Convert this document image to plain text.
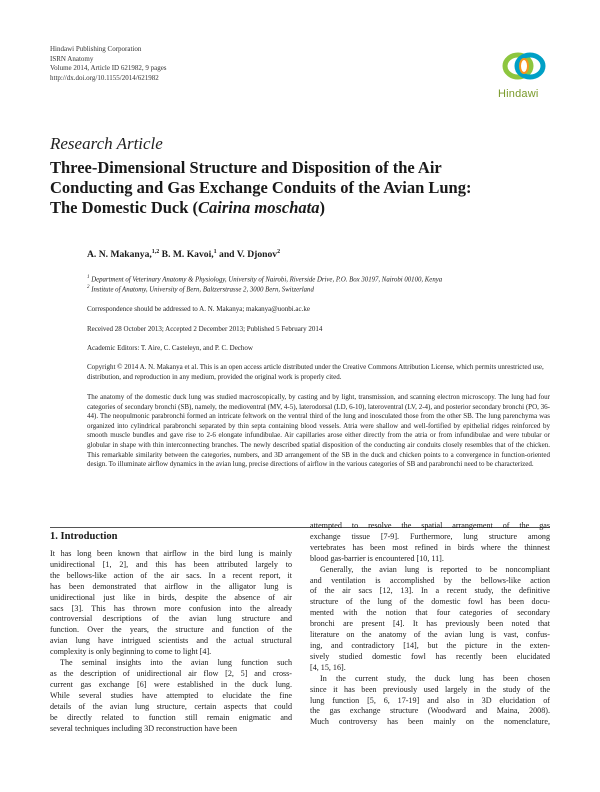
Hindawi Publishing Corporation
ISRN Anatomy
Volume 2014, Article ID 621982, 9 pages
http://dx.doi.org/10.1155/2014/621982
Hindawi
Research Article
Three-Dimensional Structure and Disposition of the Air
Conducting and Gas Exchange Conduits of the Avian Lung:
The Domestic Duck (Cairina moschata)
A. N. Makanya,$^{1,2}$ B. M. Kavoi,$^1$ and V. Djonov$^2$
$^1$ Department of Veterinary Anatomy & Physiology, University of Nairobi, Riverside Drive, P.O. Box 30197, Nairobi 00100, Kenya
$^2$ Institute of Anatomy, University of Bern, Baltzerstrasse 2, 3000 Bern, Switzerland
Correspondence should be addressed to A. N. Makanya; makanya@uonbi.ac.ke
Received 28 October 2013; Accepted 2 December 2013; Published 5 February 2014
Academic Editors: T. Aire, C. Casteleyn, and P. C. Dechow
Copyright © 2014 A. N. Makanya et al. This is an open access article distributed under the Creative Commons Attribution License, which permits unrestricted use, distribution, and reproduction in any medium, provided the original work is properly cited.
The anatomy of the domestic duck lung was studied macroscopically, by casting and by light, transmission, and scanning electron microscopy. The lung had four categories of secondary bronchi (SB), namely, the medioventral (MV, 4-5), laterodorsal (LD, 6-10), lateroventral (LV, 2-4), and posterior secondary bronchi (PO, 36-44). The neopulmonic parabronchi formed an intricate feltwork on the ventral third of the lung and inosculated those from the other SB. The lung parenchyma was organized into cylindrical parabronchi separated by thin septa containing blood vessels. Atria were shallow and well-fortified by epithelial ridges reinforced by smooth muscle bundles and gave rise to 2-6 elongate infundibulae. Air capillaries arose either directly from the atria or from infundibulae and were tubular or globular in shape with thin interconnecting branches. The newly described spatial disposition of the conducting air conduits closely resembles that of the chicken. This remarkable similarity between the categories, numbers, and 3D arrangement of the SB in the duck and chicken points to a convergence in function-oriented design. To illuminate airflow dynamics in the avian lung, precise directions of airflow in the various categories of SB and parabronchi need to be characterized.
1. Introduction
It has long been known that airflow in the bird lung is mainly
unidirectional [1, 2], and this has been attributed largely to
the bellows-like action of the air sacs. In a recent report, it
has been demonstrated that airflow in the alligator lung is
unidirectional just like in birds, despite the absence of air
sacs [3]. This has thrown more confusion into the already
controversial descriptions of the avian lung structure and
function. Over the years, the structure and function of the
avian lung have intrigued scientists and the actual structural
complexity is only beginning to come to light [4].
The seminal insights into the avian lung function such
as the description of unidirectional air flow [2, 5] and cross-
current gas exchange [6] were established in the duck lung.
While several studies have attempted to elucidate the fine
details of the avian lung structure, certain aspects that could
be directly related to function still remain enigmatic and
several techniques including 3D reconstruction have been
attempted to resolve the spatial arrangement of the gas
exchange tissue [7-9]. Furthermore, lung structure among
vertebrates has been most refined in birds where the thinnest
blood gas-barrier is encountered [10, 11].
Generally, the avian lung is reported to be noncompliant
and ventilation is accomplished by the bellows-like action
of the air sacs [12, 13]. In a recent study, the definitive
structure of the lung of the domestic fowl has been docu-
mented with the notion that four categories of secondary
bronchi are present [4]. It has previously been noted that
literature on the anatomy of the avian lung is vast, confus-
ing, and contradictory [14], but the picture in the exten-
sively studied domestic fowl has recently been elucidated
[4, 15, 16].
In the current study, the duck lung has been chosen
since it has been previously used largely in the study of the
lung function [5, 6, 17-19] and also in 3D elucidation of
the gas exchange structure (Woodward and Maina, 2008).
Much controversy has been mainly on the nomenclature,
